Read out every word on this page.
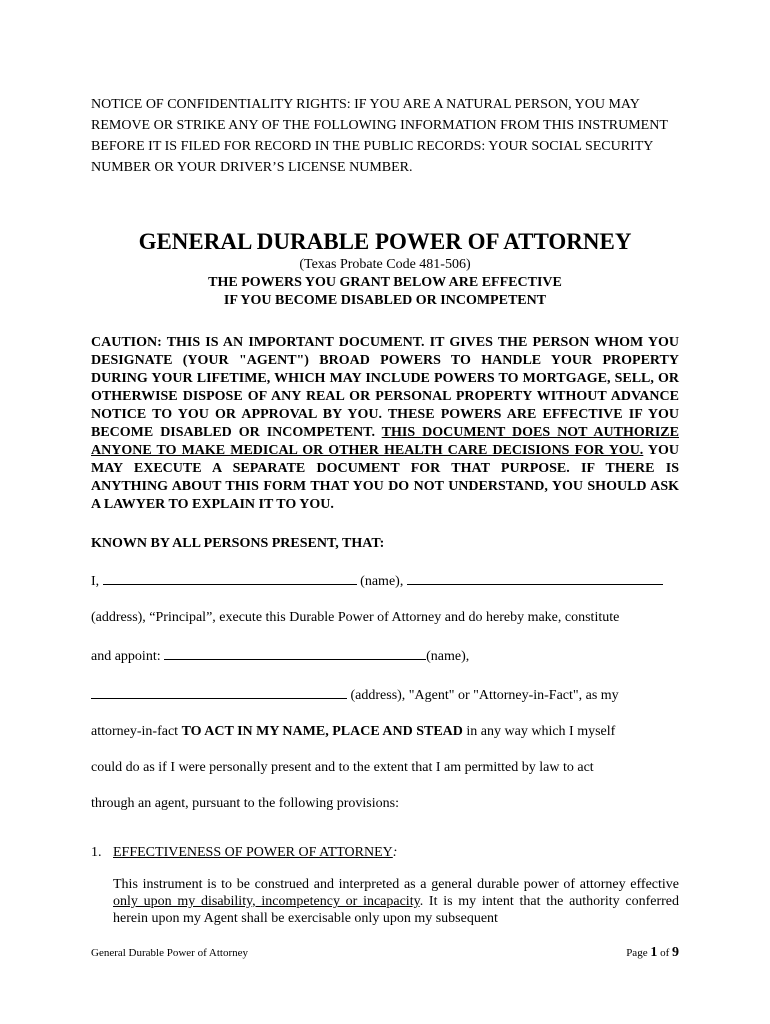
NOTICE OF CONFIDENTIALITY RIGHTS: IF YOU ARE A NATURAL PERSON, YOU MAY REMOVE OR STRIKE ANY OF THE FOLLOWING INFORMATION FROM THIS INSTRUMENT BEFORE IT IS FILED FOR RECORD IN THE PUBLIC RECORDS: YOUR SOCIAL SECURITY NUMBER OR YOUR DRIVER’S LICENSE NUMBER.

GENERAL DURABLE POWER OF ATTORNEY
(Texas Probate Code 481-506)
THE POWERS YOU GRANT BELOW ARE EFFECTIVE
IF YOU BECOME DISABLED OR INCOMPETENT
CAUTION: THIS IS AN IMPORTANT DOCUMENT. IT GIVES THE PERSON WHOM YOU DESIGNATE (YOUR "AGENT") BROAD POWERS TO HANDLE YOUR PROPERTY DURING YOUR LIFETIME, WHICH MAY INCLUDE POWERS TO MORTGAGE, SELL, OR OTHERWISE DISPOSE OF ANY REAL OR PERSONAL PROPERTY WITHOUT ADVANCE NOTICE TO YOU OR APPROVAL BY YOU. THESE POWERS ARE EFFECTIVE IF YOU BECOME DISABLED OR INCOMPETENT. THIS DOCUMENT DOES NOT AUTHORIZE ANYONE TO MAKE MEDICAL OR OTHER HEALTH CARE DECISIONS FOR YOU. YOU MAY EXECUTE A SEPARATE DOCUMENT FOR THAT PURPOSE. IF THERE IS ANYTHING ABOUT THIS FORM THAT YOU DO NOT UNDERSTAND, YOU SHOULD ASK A LAWYER TO EXPLAIN IT TO YOU.
KNOWN BY ALL PERSONS PRESENT, THAT:
I,	(name),
(address), “Principal”, execute this Durable Power of Attorney and do hereby make, constitute
and appoint:	(name),
(address), "Agent" or "Attorney-in-Fact", as my
attorney-in-fact TO ACT IN MY NAME, PLACE AND STEAD in any way which I myself
could do as if I were personally present and to the extent that I am permitted by law to act
through an agent, pursuant to the following provisions:
1. EFFECTIVENESS OF POWER OF ATTORNEY:
This instrument is to be construed and interpreted as a general durable power of attorney effective only upon my disability, incompetency or incapacity. It is my intent that the authority conferred herein upon my Agent shall be exercisable only upon my subsequent
General Durable Power of Attorney	Page 1 of 9
